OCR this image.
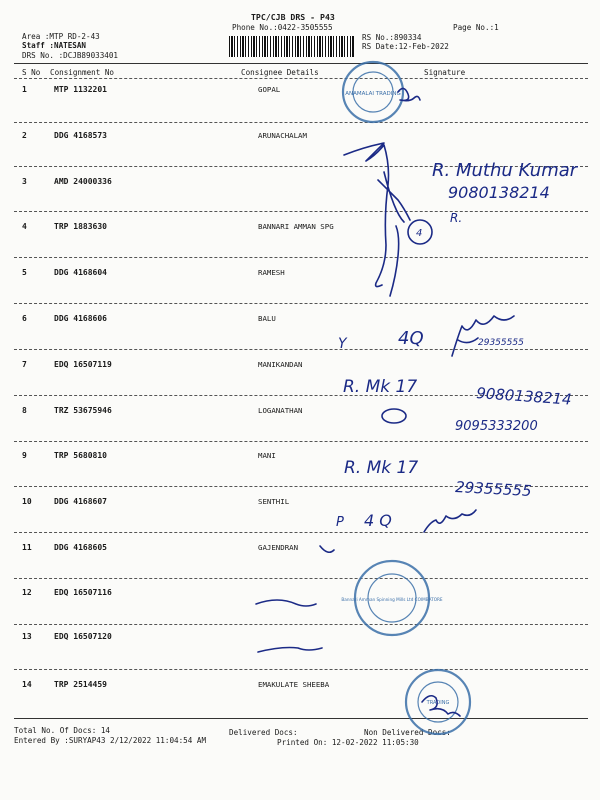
TPC/CJB DRS - P43
Phone No.:0422-3505555	Page No.:1
Area :MTP RD-2-43
Staff :NATESAN
DRS No. :DCJB89033401
RS No.:890334
RS Date:12-Feb-2022
S No Consignment No	Consignee Details	Signature
1	MTP 1132201	GOPAL
2	DDG 4168573	ARUNACHALAM
3	AMD 24000336
4	TRP 1883630	BANNARI AMMAN SPG
5	DDG 4168604	RAMESH
6	DDG 4168606	BALU
7	EDQ 16507119	MANIKANDAN
8	TRZ 53675946	LOGANATHAN
9	TRP 5680810	MANI
10	DDG 4168607	SENTHIL
11	DDG 4168605	GAJENDRAN
12	EDQ 16507116
13	EDQ 16507120
14	TRP 2514459	EMAKULATE SHEEBA
Total No. Of Docs: 14	Delivered Docs:	Non Delivered Docs:
Entered By :SURYAP43 2/12/2022 11:04:54 AM	Printed On: 12-02-2022 11:05:30
ANAMALAI TRADING
Bannari Amman Spinning Mills Ltd COIMBATORE
TRADING
4
R. Muthu Kumar
9080138214
R.
Y	4Q	29355555
R. Mk 17	9080138214
9095333200
R. Mk 17
29355555
P 4 Q
